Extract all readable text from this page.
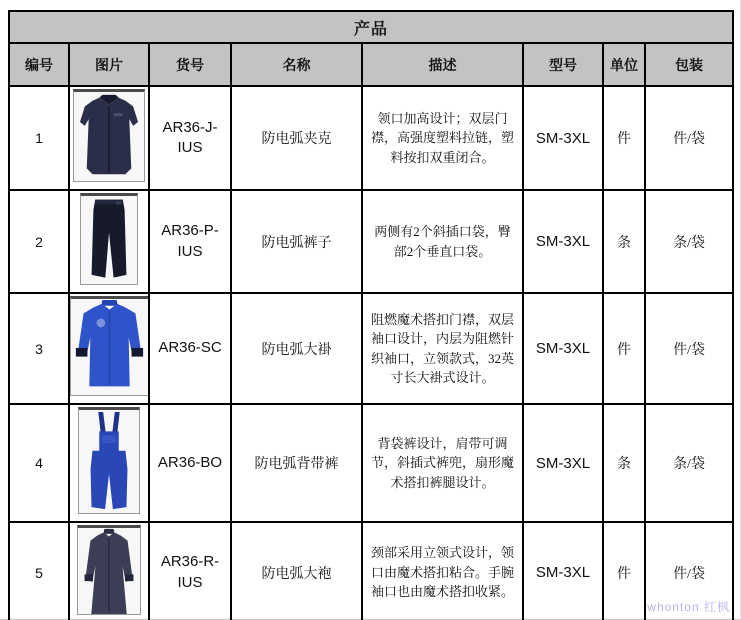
产品							
编号	图片	货号	名称	描述	型号	单位	包装
1		AR36-J-IUS	防电弧夹克	领口加高设计；双层门襟，高强度塑料拉链，塑料按扣双重闭合。	SM-3XL	件	件/袋
2		AR36-P-IUS	防电弧裤子	两侧有2个斜插口袋，臀部2个垂直口袋。	SM-3XL	条	条/袋
3		AR36-SC	防电弧大褂	阻燃魔术搭扣门襟，双层袖口设计，内层为阻燃针织袖口，立领款式，32英寸长大褂式设计。	SM-3XL	件	件/袋
4		AR36-BO	防电弧背带裤	背袋裤设计，肩带可调节，斜插式裤兜，扇形魔术搭扣裤腿设计。	SM-3XL	条	条/袋
5		AR36-R-IUS	防电弧大袍	颈部采用立领式设计，领口由魔术搭扣粘合。手腕袖口也由魔术搭扣收紧。	SM-3XL	件	件/袋
whonton 红枫
